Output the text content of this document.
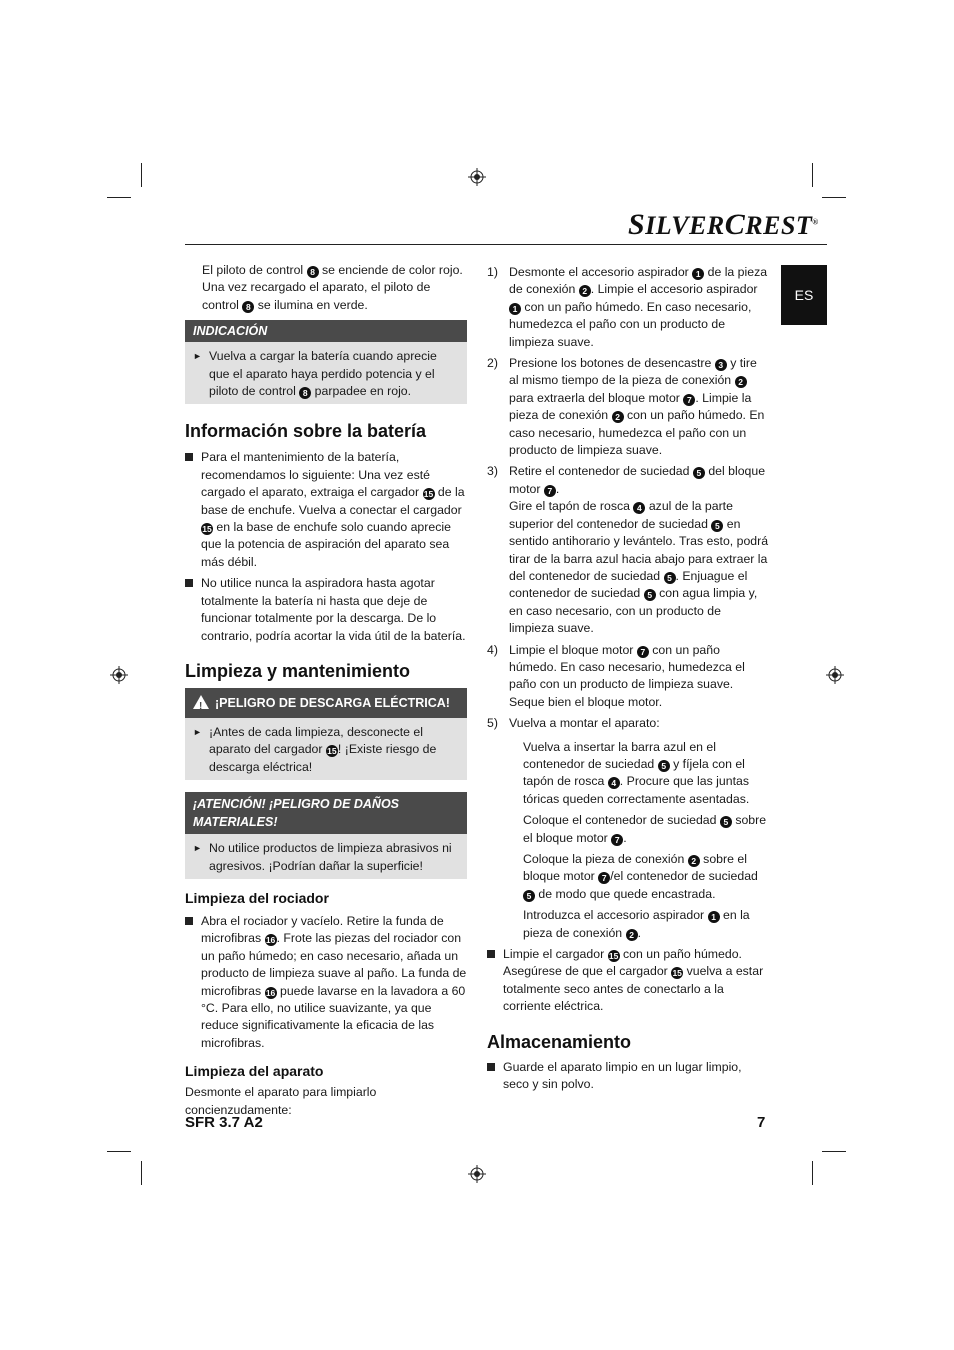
SILVERCREST®
ES

El piloto de control 8 se enciende de color rojo. Una vez recargado el aparato, el piloto de control 8 se ilumina en verde.

INDICACIÓN
► Vuelva a cargar la batería cuando aprecie que el aparato haya perdido potencia y el piloto de control 8 parpadee en rojo.

Información sobre la batería

Para el mantenimiento de la batería, recomendamos lo siguiente: Una vez esté cargado el aparato, extraiga el cargador 15 de la base de enchufe. Vuelva a conectar el cargador 15 en la base de enchufe solo cuando aprecie que la potencia de aspiración del aparato sea más débil.

No utilice nunca la aspiradora hasta agotar totalmente la batería ni hasta que deje de funcionar totalmente por la descarga. De lo contrario, podría acortar la vida útil de la batería.

Limpieza y mantenimiento
! ¡PELIGRO DE DESCARGA ELÉCTRICA!
► ¡Antes de cada limpieza, desconecte el aparato del cargador 15! ¡Existe riesgo de descarga eléctrica!

¡ATENCIÓN! ¡PELIGRO DE DAÑOS MATERIALES!
► No utilice productos de limpieza abrasivos ni agresivos. ¡Podrían dañar la superficie!

Limpieza del rociador

Abra el rociador y vacíelo. Retire la funda de microfibras 16. Frote las piezas del rociador con un paño húmedo; en caso necesario, añada un producto de limpieza suave al paño. La funda de microfibras 16 puede lavarse en la lavadora a 60 °C. Para ello, no utilice suavizante, ya que reduce significativamente la eficacia de las microfibras.

Limpieza del aparato

Desmonte el aparato para limpiarlo concienzudamente:

1) Desmonte el accesorio aspirador 1 de la pieza de conexión 2 . Limpie el accesorio aspirador 1 con un paño húmedo. En caso necesario, humedezca el paño con un producto de limpieza suave.

2) Presione los botones de desencastre 3 y tire al mismo tiempo de la pieza de conexión 2 para extraerla del bloque motor 7 . Limpie la pieza de conexión 2 con un paño húmedo. En caso necesario, humedezca el paño con un producto de limpieza suave.

3) Retire el contenedor de suciedad 5 del bloque motor 7 .

Gire el tapón de rosca 4 azul de la parte superior del contenedor de suciedad 5 en sentido antihorario y levántelo. Tras esto, podrá tirar de la barra azul hacia abajo para extraer la del contenedor de suciedad 5 . Enjuague el contenedor de suciedad 5 con agua limpia y, en caso necesario, con un producto de limpieza suave.

4) Limpie el bloque motor 7 con un paño húmedo. En caso necesario, humedezca el paño con un producto de limpieza suave. Seque bien el bloque motor.

5) Vuelva a montar el aparato:

Vuelva a insertar la barra azul en el contenedor de suciedad 5 y fíjela con el tapón de rosca 4 . Procure que las juntas tóricas queden correctamente asentadas.

Coloque el contenedor de suciedad 5 sobre el bloque motor 7 .

Coloque la pieza de conexión 2 sobre el bloque motor 7 /el contenedor de suciedad 5 de modo que quede encastrada.

Introduzca el accesorio aspirador 1 en la pieza de conexión 2 .

Limpie el cargador 15 con un paño húmedo. Asegúrese de que el cargador 15 vuelva a estar totalmente seco antes de conectarlo a la corriente eléctrica.

Almacenamiento

Guarde el aparato limpio en un lugar limpio, seco y sin polvo.

SFR 3.7 A2	7
